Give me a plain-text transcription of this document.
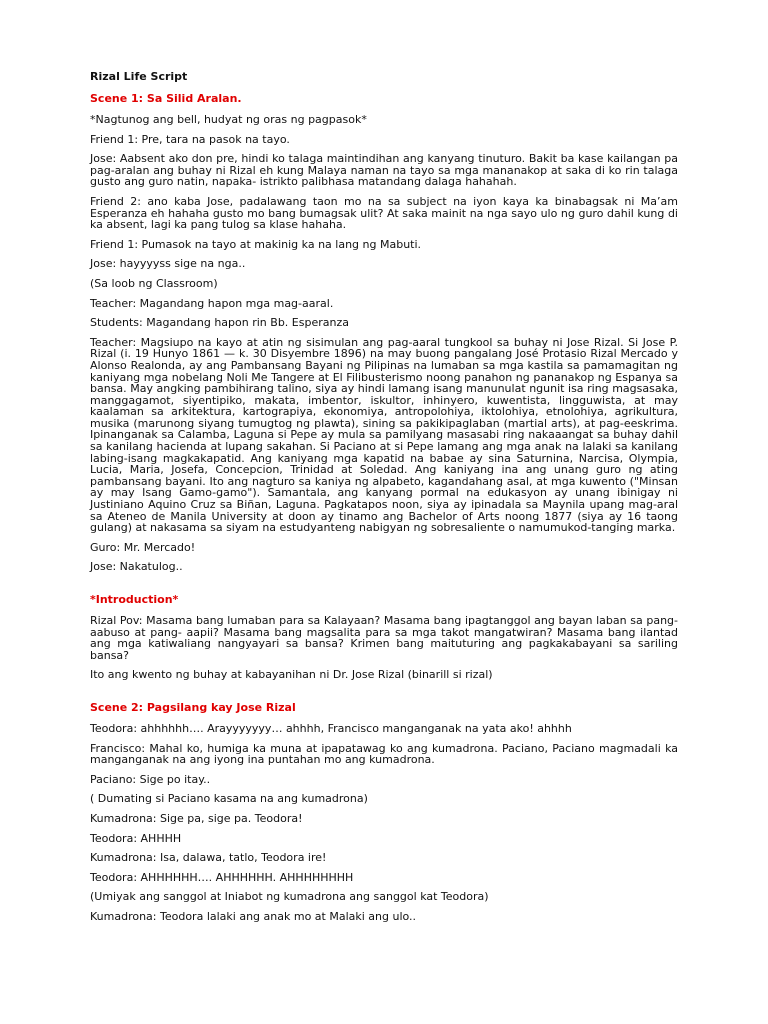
Rizal Life Script

Scene 1: Sa Silid Aralan.

*Nagtunog ang bell, hudyat ng oras ng pagpasok*

Friend 1: Pre, tara na pasok na tayo.

Jose: Aabsent ako don pre, hindi ko talaga maintindihan ang kanyang tinuturo. Bakit ba kase kailangan pa pag-aralan ang buhay ni Rizal eh kung Malaya naman na tayo sa mga mananakop at saka di ko rin talaga gusto ang guro natin, napaka- istrikto palibhasa matandang dalaga hahahah.

Friend 2: ano kaba Jose, padalawang taon mo na sa subject na iyon kaya ka binabagsak ni Ma’am Esperanza eh hahaha gusto mo bang bumagsak ulit? At saka mainit na nga sayo ulo ng guro dahil kung di ka absent, lagi ka pang tulog sa klase hahaha.

Friend 1: Pumasok na tayo at makinig ka na lang ng Mabuti.

Jose: hayyyyss sige na nga..

(Sa loob ng Classroom)

Teacher: Magandang hapon mga mag-aaral.

Students: Magandang hapon rin Bb. Esperanza

Teacher: Magsiupo na kayo at atin ng sisimulan ang pag-aaral tungkool sa buhay ni Jose Rizal. Si Jose P. Rizal (i. 19 Hunyo 1861 — k. 30 Disyembre 1896) na may buong pangalang José Protasio Rizal Mercado y Alonso Realonda, ay ang Pambansang Bayani ng Pilipinas na lumaban sa mga kastila sa pamamagitan ng kaniyang mga nobelang Noli Me Tangere at El Filibusterismo noong panahon ng pananakop ng Espanya sa bansa. May angking pambihirang talino, siya ay hindi lamang isang manunulat ngunit isa ring magsasaka, manggagamot, siyentipiko, makata, imbentor, iskultor, inhinyero, kuwentista, lingguwista, at may kaalaman sa arkitektura, kartograpiya, ekonomiya, antropolohiya, iktolohiya, etnolohiya, agrikultura, musika (marunong siyang tumugtog ng plawta), sining sa pakikipaglaban (martial arts), at pag-eeskrima. Ipinanganak sa Calamba, Laguna si Pepe ay mula sa pamilyang masasabi ring nakaaangat sa buhay dahil sa kanilang hacienda at lupang sakahan. Si Paciano at si Pepe lamang ang mga anak na lalaki sa kanilang labing-isang magkakapatid. Ang kaniyang mga kapatid na babae ay sina Saturnina, Narcisa, Olympia, Lucia, Maria, Josefa, Concepcion, Trinidad at Soledad. Ang kaniyang ina ang unang guro ng ating pambansang bayani. Ito ang nagturo sa kaniya ng alpabeto, kagandahang asal, at mga kuwento ("Minsan ay may Isang Gamo-gamo"). Samantala, ang kanyang pormal na edukasyon ay unang ibinigay ni Justiniano Aquino Cruz sa Biñan, Laguna. Pagkatapos noon, siya ay ipinadala sa Maynila upang mag-aral sa Ateneo de Manila University at doon ay tinamo ang Bachelor of Arts noong 1877 (siya ay 16 taong gulang) at nakasama sa siyam na estudyanteng nabigyan ng sobresaliente o namumukod-tanging marka.

Guro: Mr. Mercado!

Jose: Nakatulog..

*Introduction*

Rizal Pov: Masama bang lumaban para sa Kalayaan? Masama bang ipagtanggol ang bayan laban sa pang- aabuso at pang- aapii? Masama bang magsalita para sa mga takot mangatwiran? Masama bang ilantad ang mga katiwaliang nangyayari sa bansa? Krimen bang maituturing ang pagkakabayani sa sariling bansa?

Ito ang kwento ng buhay at kabayanihan ni Dr. Jose Rizal (binarill si rizal)

Scene 2: Pagsilang kay Jose Rizal

Teodora: ahhhhhh…. Arayyyyyyy… ahhhh, Francisco manganganak na yata ako! ahhhh

Francisco: Mahal ko, humiga ka muna at ipapatawag ko ang kumadrona. Paciano, Paciano magmadali ka manganganak na ang iyong ina puntahan mo ang kumadrona.

Paciano: Sige po itay..

( Dumating si Paciano kasama na ang kumadrona)

Kumadrona: Sige pa, sige pa. Teodora!

Teodora: AHHHH

Kumadrona: Isa, dalawa, tatlo, Teodora ire!

Teodora: AHHHHHH…. AHHHHHH. AHHHHHHHH

(Umiyak ang sanggol at Iniabot ng kumadrona ang sanggol kat Teodora)

Kumadrona: Teodora lalaki ang anak mo at Malaki ang ulo..
